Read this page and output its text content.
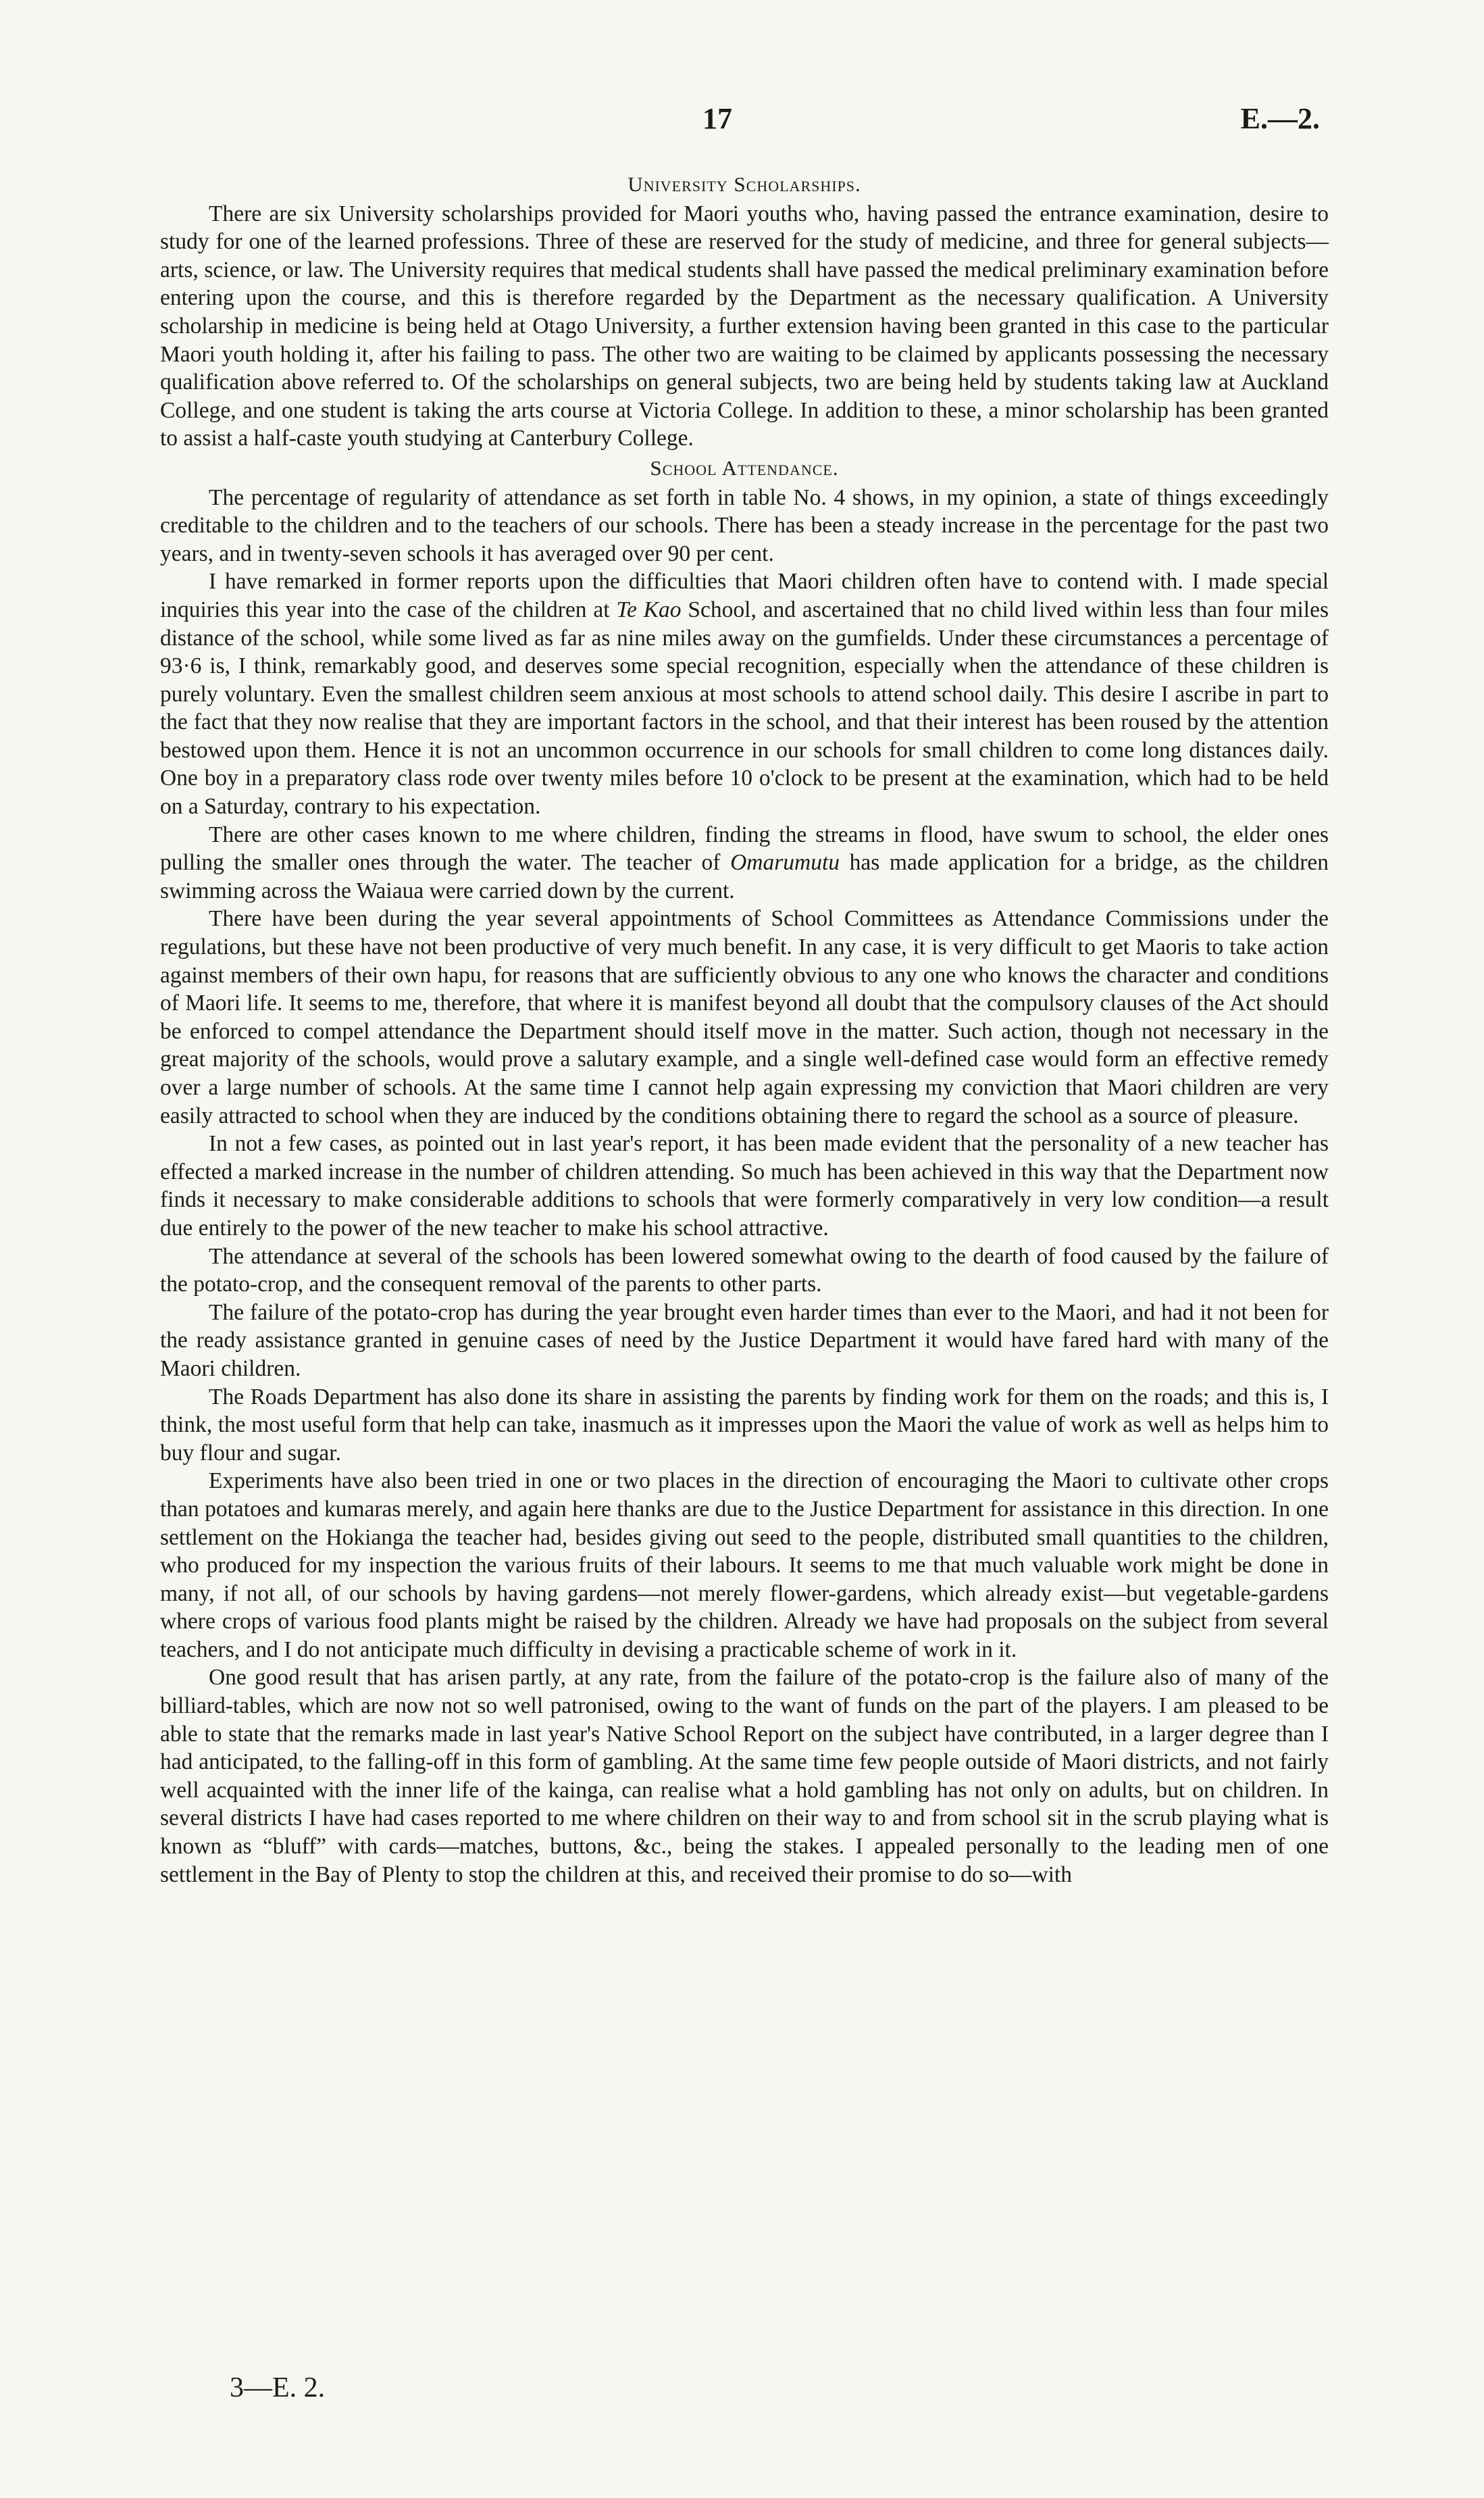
17	E.—2.
University Scholarships.

There are six University scholarships provided for Maori youths who, having passed the entrance examination, desire to study for one of the learned professions. Three of these are reserved for the study of medicine, and three for general subjects—arts, science, or law. The University requires that medical students shall have passed the medical preliminary examination before entering upon the course, and this is therefore regarded by the Department as the necessary qualification. A University scholarship in medicine is being held at Otago University, a further extension having been granted in this case to the particular Maori youth holding it, after his failing to pass. The other two are waiting to be claimed by applicants possessing the necessary qualification above referred to. Of the scholarships on general subjects, two are being held by students taking law at Auckland College, and one student is taking the arts course at Victoria College. In addition to these, a minor scholarship has been granted to assist a half-caste youth studying at Canterbury College.

School Attendance.

The percentage of regularity of attendance as set forth in table No. 4 shows, in my opinion, a state of things exceedingly creditable to the children and to the teachers of our schools. There has been a steady increase in the percentage for the past two years, and in twenty-seven schools it has averaged over 90 per cent.

I have remarked in former reports upon the difficulties that Maori children often have to contend with. I made special inquiries this year into the case of the children at Te Kao School, and ascertained that no child lived within less than four miles distance of the school, while some lived as far as nine miles away on the gumfields. Under these circumstances a percentage of 93·6 is, I think, remarkably good, and deserves some special recognition, especially when the attendance of these children is purely voluntary. Even the smallest children seem anxious at most schools to attend school daily. This desire I ascribe in part to the fact that they now realise that they are important factors in the school, and that their interest has been roused by the attention bestowed upon them. Hence it is not an uncommon occurrence in our schools for small children to come long distances daily. One boy in a preparatory class rode over twenty miles before 10 o'clock to be present at the examination, which had to be held on a Saturday, contrary to his expectation.

There are other cases known to me where children, finding the streams in flood, have swum to school, the elder ones pulling the smaller ones through the water. The teacher of Omarumutu has made application for a bridge, as the children swimming across the Waiaua were carried down by the current.

There have been during the year several appointments of School Committees as Attendance Commissions under the regulations, but these have not been productive of very much benefit. In any case, it is very difficult to get Maoris to take action against members of their own hapu, for reasons that are sufficiently obvious to any one who knows the character and conditions of Maori life. It seems to me, therefore, that where it is manifest beyond all doubt that the compulsory clauses of the Act should be enforced to compel attendance the Department should itself move in the matter. Such action, though not necessary in the great majority of the schools, would prove a salutary example, and a single well-defined case would form an effective remedy over a large number of schools. At the same time I cannot help again expressing my conviction that Maori children are very easily attracted to school when they are induced by the conditions obtaining there to regard the school as a source of pleasure.

In not a few cases, as pointed out in last year's report, it has been made evident that the personality of a new teacher has effected a marked increase in the number of children attending. So much has been achieved in this way that the Department now finds it necessary to make considerable additions to schools that were formerly comparatively in very low condition—a result due entirely to the power of the new teacher to make his school attractive.

The attendance at several of the schools has been lowered somewhat owing to the dearth of food caused by the failure of the potato-crop, and the consequent removal of the parents to other parts.

The failure of the potato-crop has during the year brought even harder times than ever to the Maori, and had it not been for the ready assistance granted in genuine cases of need by the Justice Department it would have fared hard with many of the Maori children.

The Roads Department has also done its share in assisting the parents by finding work for them on the roads; and this is, I think, the most useful form that help can take, inasmuch as it impresses upon the Maori the value of work as well as helps him to buy flour and sugar.

Experiments have also been tried in one or two places in the direction of encouraging the Maori to cultivate other crops than potatoes and kumaras merely, and again here thanks are due to the Justice Department for assistance in this direction. In one settlement on the Hokianga the teacher had, besides giving out seed to the people, distributed small quantities to the children, who produced for my inspection the various fruits of their labours. It seems to me that much valuable work might be done in many, if not all, of our schools by having gardens—not merely flower-gardens, which already exist—but vegetable-gardens where crops of various food plants might be raised by the children. Already we have had proposals on the subject from several teachers, and I do not anticipate much difficulty in devising a practicable scheme of work in it.

One good result that has arisen partly, at any rate, from the failure of the potato-crop is the failure also of many of the billiard-tables, which are now not so well patronised, owing to the want of funds on the part of the players. I am pleased to be able to state that the remarks made in last year's Native School Report on the subject have contributed, in a larger degree than I had anticipated, to the falling-off in this form of gambling. At the same time few people outside of Maori districts, and not fairly well acquainted with the inner life of the kainga, can realise what a hold gambling has not only on adults, but on children. In several districts I have had cases reported to me where children on their way to and from school sit in the scrub playing what is known as “bluff” with cards—matches, buttons, &c., being the stakes. I appealed personally to the leading men of one settlement in the Bay of Plenty to stop the children at this, and received their promise to do so—with

3—E. 2.
